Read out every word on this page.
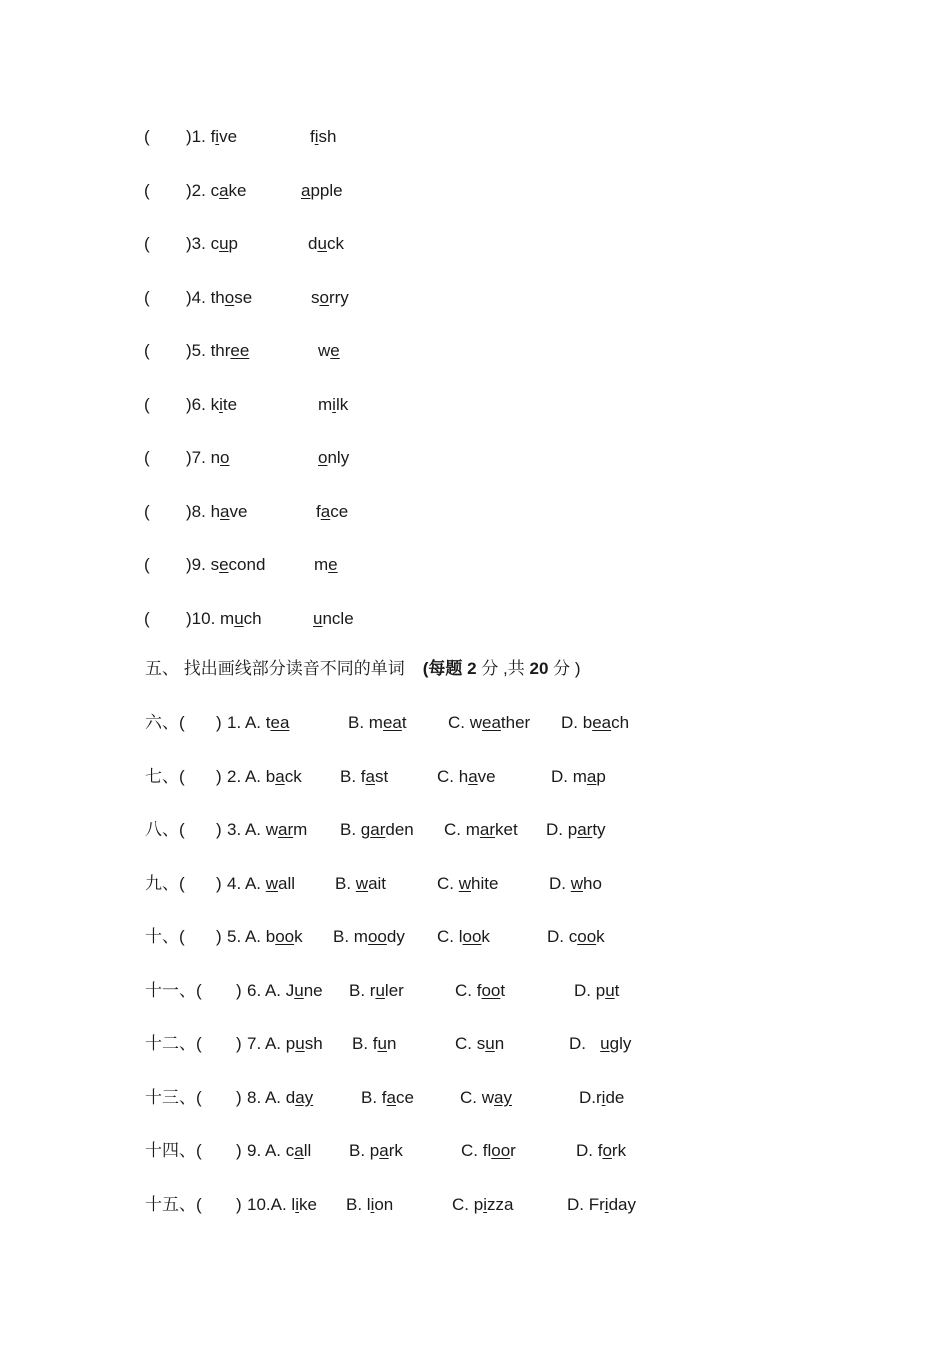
( )1. five	fish
( )2. cake	apple
( )3. cup	duck
( )4. those	sorry
( )5. three	we
( )6. kite	milk
( )7. no	only
( )8. have	face
( )9. second	me
( )10. much	uncle
五、 找出画线部分读音不同的单词 (每题 2 分 ,共 20 分 )
六、( ) 1. A. tea	B. meat C. weather D. beach
七、( ) 2. A. back B. fast	C. have	D. map
八、( ) 3. A. warm B. garden C. market D. party
九、( ) 4. A. wall B. wait	C. white	D. who
十、( ) 5. A. book B. moody C. look	D. cook
十一、( ) 6. A. June B. ruler	C. foot	D. put
十二、( ) 7. A. push B. fun	C. sun	D.   ugly
十三、( ) 8. A. day	B. face	C. way	D.ride
十四、( ) 9. A. call B. park	C. floor	D. fork
十五、( ) 10.A. like B. lion	C. pizza	D. Friday
